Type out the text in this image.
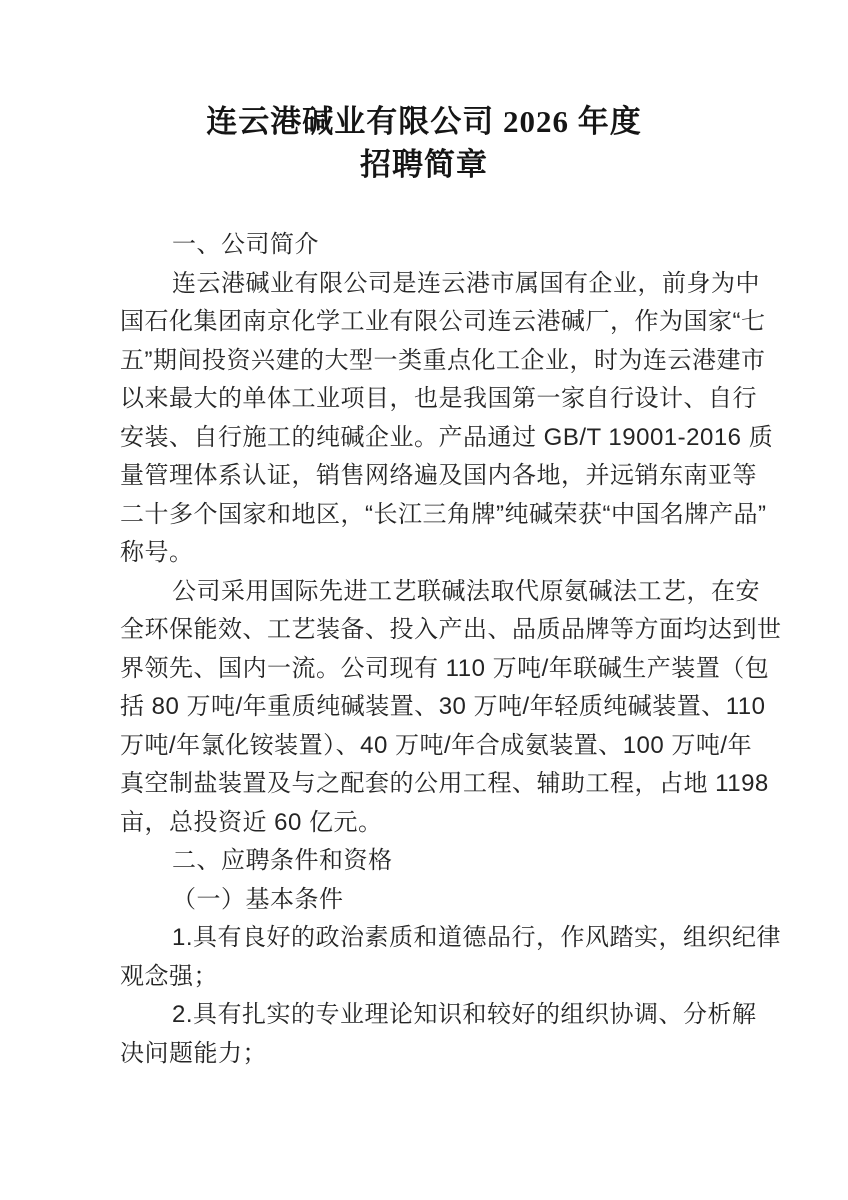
连云港碱业有限公司 2026 年度
招聘简章
一、公司简介
连云港碱业有限公司是连云港市属国有企业，前身为中
国石化集团南京化学工业有限公司连云港碱厂，作为国家“七
五”期间投资兴建的大型一类重点化工企业，时为连云港建市
以来最大的单体工业项目，也是我国第一家自行设计、自行
安装、自行施工的纯碱企业。产品通过 GB/T 19001-2016 质
量管理体系认证，销售网络遍及国内各地，并远销东南亚等
二十多个国家和地区，“长江三角牌”纯碱荣获“中国名牌产品”
称号。
公司采用国际先进工艺联碱法取代原氨碱法工艺，在安
全环保能效、工艺装备、投入产出、品质品牌等方面均达到世
界领先、国内一流。公司现有 110 万吨/年联碱生产装置（包
括 80 万吨/年重质纯碱装置、30 万吨/年轻质纯碱装置、110
万吨/年氯化铵装置）、40 万吨/年合成氨装置、100 万吨/年
真空制盐装置及与之配套的公用工程、辅助工程，占地 1198
亩，总投资近 60 亿元。
二、应聘条件和资格
（一）基本条件
1.具有良好的政治素质和道德品行，作风踏实，组织纪律
观念强；
2.具有扎实的专业理论知识和较好的组织协调、分析解
决问题能力；
